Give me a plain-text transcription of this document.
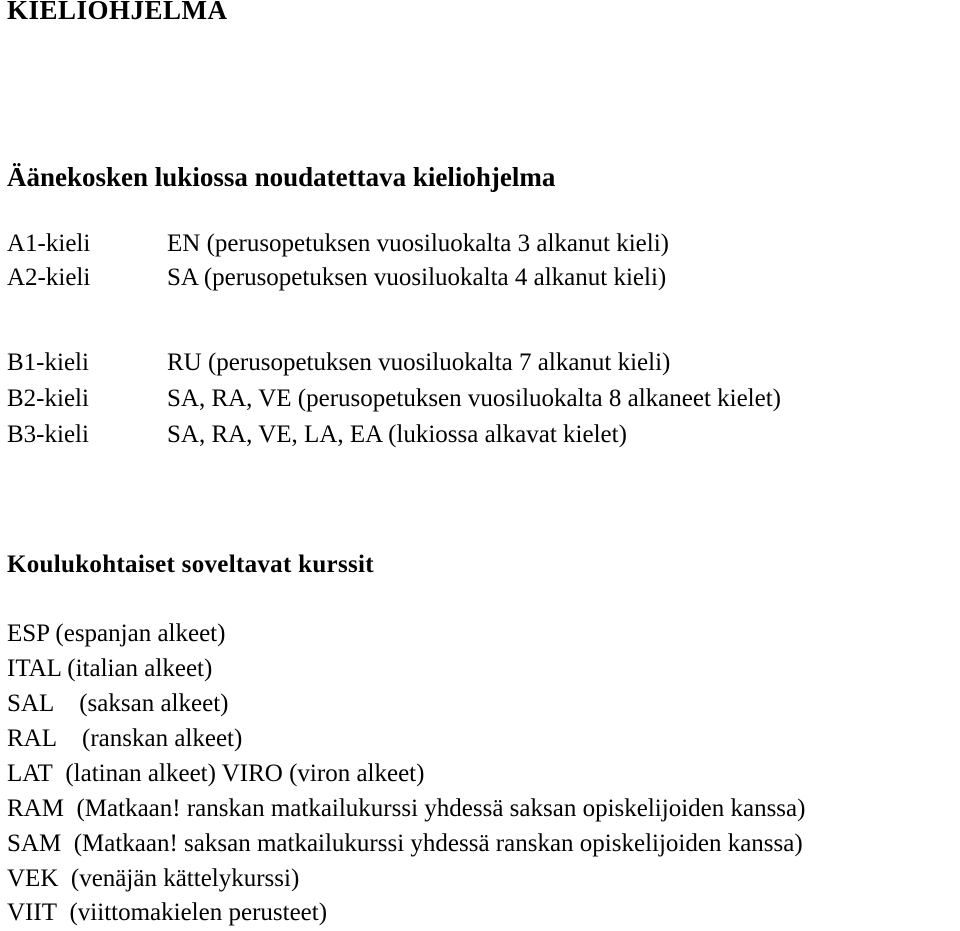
KIELIOHJELMA
Äänekosken lukiossa noudatettava kieliohjelma
A1-kieli	EN (perusopetuksen vuosiluokalta 3 alkanut kieli)
A2-kieli	SA (perusopetuksen vuosiluokalta 4 alkanut kieli)
B1-kieli	RU (perusopetuksen vuosiluokalta 7 alkanut kieli)
B2-kieli	SA, RA, VE (perusopetuksen vuosiluokalta 8 alkaneet kielet)
B3-kieli	SA, RA, VE, LA, EA (lukiossa alkavat kielet)
Koulukohtaiset soveltavat kurssit
ESP (espanjan alkeet)
ITAL (italian alkeet)
SAL (saksan alkeet)
RAL (ranskan alkeet)
LAT (latinan alkeet) VIRO (viron alkeet)
RAM (Matkaan! ranskan matkailukurssi yhdessä saksan opiskelijoiden kanssa)
SAM (Matkaan! saksan matkailukurssi yhdessä ranskan opiskelijoiden kanssa)
VEK (venäjän kättelykurssi)
VIIT (viittomakielen perusteet)
